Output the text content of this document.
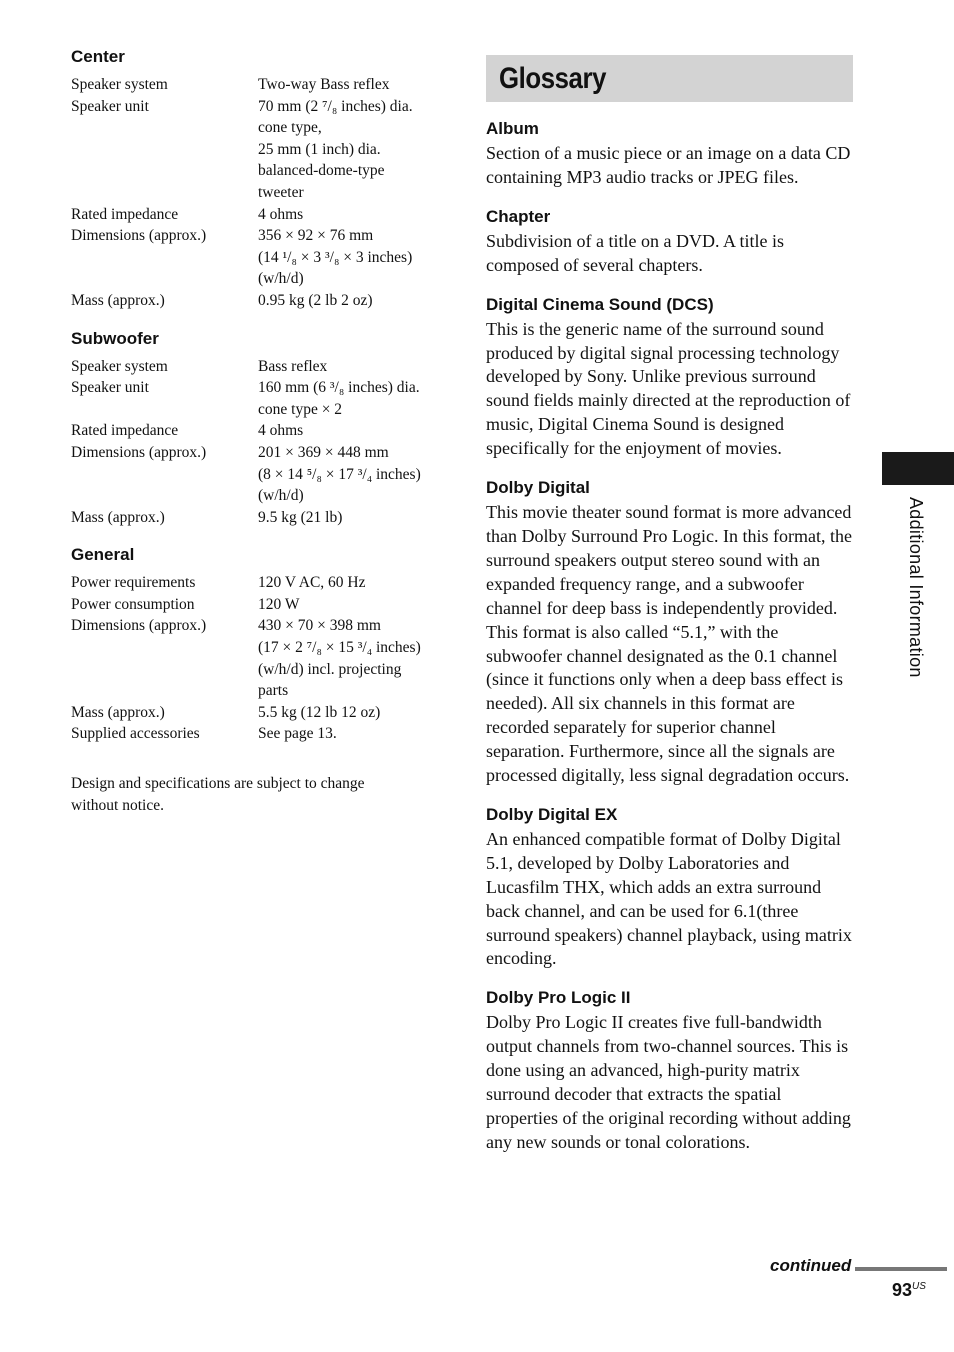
Center
Speaker system	Two-way Bass reflex
Speaker unit	70 mm (2 ⁷/₈ inches) dia.
cone type,
25 mm (1 inch) dia.
balanced-dome-type
tweeter
Rated impedance	4 ohms
Dimensions (approx.)	356 × 92 × 76 mm
(14 ¹/₈ × 3 ³/₈ × 3 inches)
(w/h/d)
Mass (approx.)	0.95 kg (2 lb 2 oz)
Subwoofer
Speaker system	Bass reflex
Speaker unit	160 mm (6 ³/₈ inches) dia.
cone type × 2
Rated impedance	4 ohms
Dimensions (approx.)	201 × 369 × 448 mm
(8 × 14 ⁵/₈ × 17 ³/₄ inches)
(w/h/d)
Mass (approx.)	9.5 kg (21 lb)
General
Power requirements	120 V AC, 60 Hz
Power consumption	120 W
Dimensions (approx.)	430 × 70 × 398 mm
(17 × 2 ⁷/₈ × 15 ³/₄ inches)
(w/h/d) incl. projecting
parts
Mass (approx.)	5.5 kg (12 lb 12 oz)
Supplied accessories	See page 13.
Design and specifications are subject to change without notice.
Glossary
Album
Section of a music piece or an image on a data CD containing MP3 audio tracks or JPEG files.
Chapter
Subdivision of a title on a DVD. A title is composed of several chapters.
Digital Cinema Sound (DCS)
This is the generic name of the surround sound produced by digital signal processing technology developed by Sony. Unlike previous surround sound fields mainly directed at the reproduction of music, Digital Cinema Sound is designed specifically for the enjoyment of movies.
Dolby Digital
This movie theater sound format is more advanced than Dolby Surround Pro Logic. In this format, the surround speakers output stereo sound with an expanded frequency range, and a subwoofer channel for deep bass is independently provided. This format is also called “5.1,” with the subwoofer channel designated as the 0.1 channel (since it functions only when a deep bass effect is needed). All six channels in this format are recorded separately for superior channel separation. Furthermore, since all the signals are processed digitally, less signal degradation occurs.
Dolby Digital EX
An enhanced compatible format of Dolby Digital 5.1, developed by Dolby Laboratories and Lucasfilm THX, which adds an extra surround back channel, and can be used for 6.1(three surround speakers) channel playback, using matrix encoding.
Dolby Pro Logic II
Dolby Pro Logic II creates five full-bandwidth output channels from two-channel sources. This is done using an advanced, high-purity matrix surround decoder that extracts the spatial properties of the original recording without adding any new sounds or tonal colorations.
Additional Information
continued
$93^{US}$
